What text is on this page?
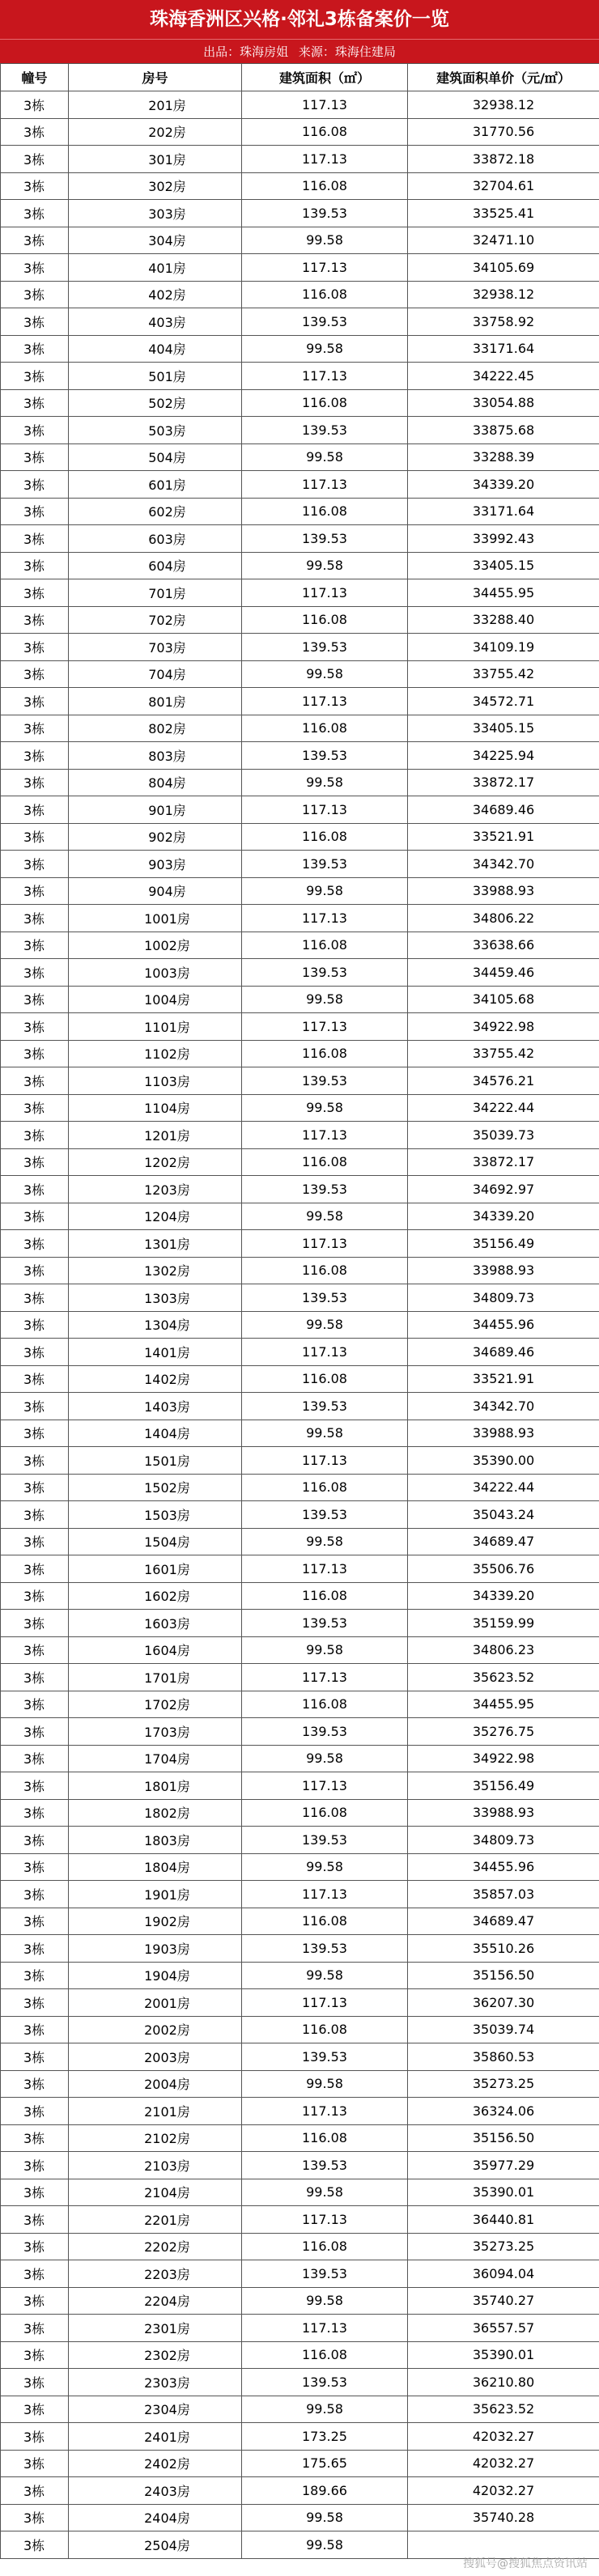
珠海香洲区兴格·邻礼3栋备案价一览
出品：珠海房姐 来源：珠海住建局
幢号	房号	建筑面积（㎡）	建筑面积单价（元/㎡）
3栋	201房	117.13	32938.12
3栋	202房	116.08	31770.56
3栋	301房	117.13	33872.18
3栋	302房	116.08	32704.61
3栋	303房	139.53	33525.41
3栋	304房	99.58	32471.10
3栋	401房	117.13	34105.69
3栋	402房	116.08	32938.12
3栋	403房	139.53	33758.92
3栋	404房	99.58	33171.64
3栋	501房	117.13	34222.45
3栋	502房	116.08	33054.88
3栋	503房	139.53	33875.68
3栋	504房	99.58	33288.39
3栋	601房	117.13	34339.20
3栋	602房	116.08	33171.64
3栋	603房	139.53	33992.43
3栋	604房	99.58	33405.15
3栋	701房	117.13	34455.95
3栋	702房	116.08	33288.40
3栋	703房	139.53	34109.19
3栋	704房	99.58	33755.42
3栋	801房	117.13	34572.71
3栋	802房	116.08	33405.15
3栋	803房	139.53	34225.94
3栋	804房	99.58	33872.17
3栋	901房	117.13	34689.46
3栋	902房	116.08	33521.91
3栋	903房	139.53	34342.70
3栋	904房	99.58	33988.93
3栋	1001房	117.13	34806.22
3栋	1002房	116.08	33638.66
3栋	1003房	139.53	34459.46
3栋	1004房	99.58	34105.68
3栋	1101房	117.13	34922.98
3栋	1102房	116.08	33755.42
3栋	1103房	139.53	34576.21
3栋	1104房	99.58	34222.44
3栋	1201房	117.13	35039.73
3栋	1202房	116.08	33872.17
3栋	1203房	139.53	34692.97
3栋	1204房	99.58	34339.20
3栋	1301房	117.13	35156.49
3栋	1302房	116.08	33988.93
3栋	1303房	139.53	34809.73
3栋	1304房	99.58	34455.96
3栋	1401房	117.13	34689.46
3栋	1402房	116.08	33521.91
3栋	1403房	139.53	34342.70
3栋	1404房	99.58	33988.93
3栋	1501房	117.13	35390.00
3栋	1502房	116.08	34222.44
3栋	1503房	139.53	35043.24
3栋	1504房	99.58	34689.47
3栋	1601房	117.13	35506.76
3栋	1602房	116.08	34339.20
3栋	1603房	139.53	35159.99
3栋	1604房	99.58	34806.23
3栋	1701房	117.13	35623.52
3栋	1702房	116.08	34455.95
3栋	1703房	139.53	35276.75
3栋	1704房	99.58	34922.98
3栋	1801房	117.13	35156.49
3栋	1802房	116.08	33988.93
3栋	1803房	139.53	34809.73
3栋	1804房	99.58	34455.96
3栋	1901房	117.13	35857.03
3栋	1902房	116.08	34689.47
3栋	1903房	139.53	35510.26
3栋	1904房	99.58	35156.50
3栋	2001房	117.13	36207.30
3栋	2002房	116.08	35039.74
3栋	2003房	139.53	35860.53
3栋	2004房	99.58	35273.25
3栋	2101房	117.13	36324.06
3栋	2102房	116.08	35156.50
3栋	2103房	139.53	35977.29
3栋	2104房	99.58	35390.01
3栋	2201房	117.13	36440.81
3栋	2202房	116.08	35273.25
3栋	2203房	139.53	36094.04
3栋	2204房	99.58	35740.27
3栋	2301房	117.13	36557.57
3栋	2302房	116.08	35390.01
3栋	2303房	139.53	36210.80
3栋	2304房	99.58	35623.52
3栋	2401房	173.25	42032.27
3栋	2402房	175.65	42032.27
3栋	2403房	189.66	42032.27
3栋	2404房	99.58	35740.28
3栋	2504房	99.58	
搜狐号@搜狐焦点资讯站
